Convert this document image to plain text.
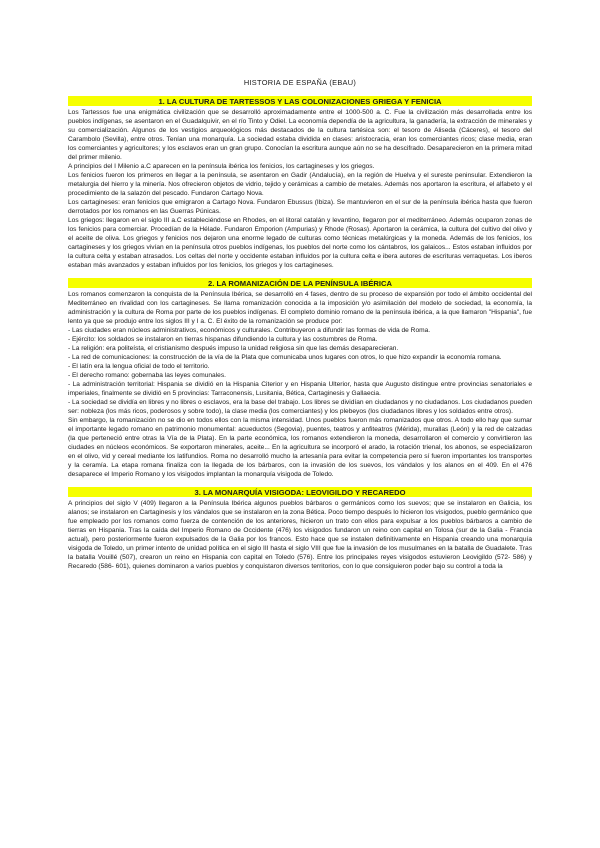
HISTORIA DE ESPAÑA (EBAU)
1. LA CULTURA DE TARTESSOS Y LAS COLONIZACIONES GRIEGA Y FENICIA

Los Tartessos fue una enigmática civilización que se desarrolló aproximadamente entre el 1000-500 a. C. Fue la civilización más desarrollada entre los pueblos indígenas, se asentaron en el Guadalquivir, en el río Tinto y Odiel. La economía dependía de la agricultura, la ganadería, la extracción de minerales y su comercialización. Algunos de los vestigios arqueológicos más destacados de la cultura tartésica son: el tesoro de Aliseda (Cáceres), el tesoro del Carambolo (Sevilla), entre otros. Tenían una monarquía. La sociedad estaba dividida en clases: aristocracia, eran los comerciantes ricos; clase media, eran los comerciantes y agricultores; y los esclavos eran un gran grupo. Conocían la escritura aunque aún no se ha descifrado. Desaparecieron en la primera mitad del primer milenio.

A principios del I Milenio a.C aparecen en la península ibérica los fenicios, los cartagineses y los griegos.

Los fenicios fueron los primeros en llegar a la península, se asentaron en Gadir (Andalucía), en la región de Huelva y el sureste peninsular. Extendieron la metalurgia del hierro y la minería. Nos ofrecieron objetos de vidrio, tejido y cerámicas a cambio de metales. Además nos aportaron la escritura, el alfabeto y el procedimiento de la salazón del pescado. Fundaron Cartago Nova.

Los cartagineses: eran fenicios que emigraron a Cartago Nova. Fundaron Ebussus (Ibiza). Se mantuvieron en el sur de la península ibérica hasta que fueron derrotados por los romanos en las Guerras Púnicas.

Los griegos: llegaron en el siglo III a.C estableciéndose en Rhodes, en el litoral catalán y levantino, llegaron por el mediterráneo. Además ocuparon zonas de los fenicios para comerciar. Procedían de la Hélade. Fundaron Emporion (Ampurias) y Rhode (Rosas). Aportaron la cerámica, la cultura del cultivo del olivo y el aceite de oliva. Los griegos y fenicios nos dejaron una enorme legado de culturas como técnicas metalúrgicas y la moneda. Además de los fenicios, los cartagineses y los griegos vivían en la península otros pueblos indígenas, los pueblos del norte como los cántabros, los galaicos... Estos estaban influidos por la cultura celta y estaban atrasados. Los celtas del norte y occidente estaban influidos por la cultura celta e ibera autores de escrituras verraquetas. Los iberos estaban más avanzados y estaban influidos por los fenicios, los griegos y los cartagineses.

2. LA ROMANIZACIÓN DE LA PENÍNSULA IBÉRICA

Los romanos comenzaron la conquista de la Península Ibérica, se desarrolló en 4 fases, dentro de su proceso de expansión por todo el ámbito occidental del Mediterráneo en rivalidad con los cartagineses. Se llama romanización conocida a la imposición y/o asimilación del modelo de sociedad, la economía, la administración y la cultura de Roma por parte de los pueblos indígenas. El completo dominio romano de la península ibérica, a la que llamaron "Hispania", fue lento ya que se produjo entre los siglos III y I a. C. El éxito de la romanización se produce por:

- Las ciudades eran núcleos administrativos, económicos y culturales. Contribuyeron a difundir las formas de vida de Roma.

- Ejército: los soldados se instalaron en tierras hispanas difundiendo la cultura y las costumbres de Roma.

- La religión: era politeísta, el cristianismo después impuso la unidad religiosa sin que las demás desaparecieran.

- La red de comunicaciones: la construcción de la vía de la Plata que comunicaba unos lugares con otros, lo que hizo expandir la economía romana.

- El latín era la lengua oficial de todo el territorio.

- El derecho romano: gobernaba las leyes comunales.

- La administración territorial: Hispania se dividió en la Hispania Citerior y en Hispania Ulterior, hasta que Augusto distingue entre provincias senatoriales e imperiales, finalmente se dividió en 5 provincias: Tarraconensis, Lusitania, Bética, Cartaginesis y Gallaecia.

- La sociedad se dividía en libres y no libres o esclavos, era la base del trabajo. Los libres se dividían en ciudadanos y no ciudadanos. Los ciudadanos pueden ser: nobleza (los más ricos, poderosos y sobre todo), la clase media (los comerciantes) y los plebeyos (los ciudadanos libres y los soldados entre otros).

Sin embargo, la romanización no se dio en todos ellos con la misma intensidad. Unos pueblos fueron más romanizados que otros. A todo ello hay que sumar el importante legado romano en patrimonio monumental: acueductos (Segovia), puentes, teatros y anfiteatros (Mérida), murallas (León) y la red de calzadas (la que perteneció entre otras la Vía de la Plata). En la parte económica, los romanos extendieron la moneda, desarrollaron el comercio y convirtieron las ciudades en núcleos económicos. Se exportaron minerales, aceite... En la agricultura se incorporó el arado, la rotación trienal, los abonos, se especializaron en el olivo, vid y cereal mediante los latifundios. Roma no desarrolló mucho la artesanía para evitar la competencia pero sí fueron importantes los transportes y la ceramía. La etapa romana finaliza con la llegada de los bárbaros, con la invasión de los suevos, los vándalos y los alanos en el 409. En el 476 desaparece el Imperio Romano y los visigodos implantan la monarquía visigoda de Toledo.

3. LA MONARQUÍA VISIGODA: LEOVIGILDO Y RECAREDO

A principios del siglo V (409) llegaron a la Península Ibérica algunos pueblos bárbaros o germánicos como los suevos; que se instalaron en Galicia, los alanos; se instalaron en Cartaginesis y los vándalos que se instalaron en la zona Bética. Poco tiempo después lo hicieron los visigodos, pueblo germánico que fue empleado por los romanos como fuerza de contención de los anteriores, hicieron un trato con ellos para expulsar a los pueblos bárbaros a cambio de tierras en Hispania. Tras la caída del Imperio Romano de Occidente (476) los visigodos fundaron un reino con capital en Tolosa (sur de la Galia - Francia actual), pero posteriormente fueron expulsados de la Galia por los francos. Esto hace que se instalen definitivamente en Hispania creando una monarquía visigoda de Toledo, un primer intento de unidad política en el siglo III hasta el siglo VIII que fue la invasión de los musulmanes en la batalla de Guadalete. Tras la batalla Vouillé (507), crearon un reino en Hispania con capital en Toledo (576). Entre los principales reyes visigodos estuvieron Leovigildo (572- 586) y Recaredo (586- 601), quienes dominaron a varios pueblos y conquistaron diversos territorios, con lo que consiguieron poder bajo su control a toda la
